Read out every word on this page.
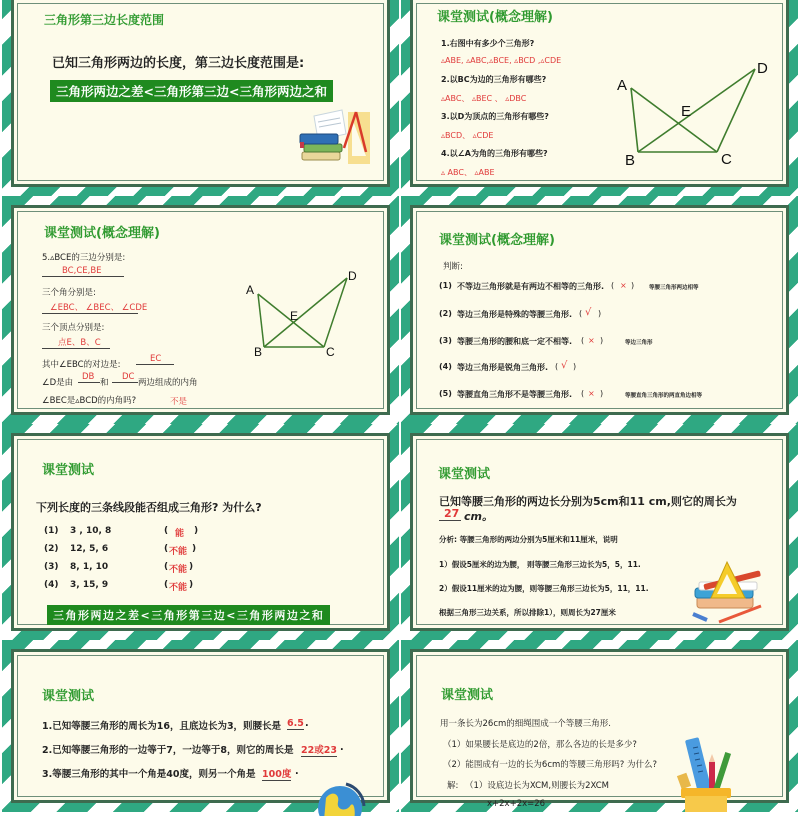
三角形第三边长度范围
已知三角形两边的长度，第三边长度范围是:
三角形两边之差<三角形第三边<三角形两边之和
课堂测试(概念理解)
1.右图中有多少个三角形?
▵ABE, ▵ABC,▵BCE, ▵BCD ,▵CDE
2.以BC为边的三角形有哪些?
▵ABC、 ▵BEC 、 ▵DBC
3.以D为顶点的三角形有哪些?
▵BCD、 ▵CDE
4.以∠A为角的三角形有哪些?
▵ ABC、 ▵ABE
A
B	C
D
E
课堂测试(概念理解)
5.▵BCE的三边分别是:
BC,CE,BE
三个角分别是:
∠EBC、 ∠BEC、 ∠CDE
三个顶点分别是:
点E、B、C
其中∠EBC的对边是:
EC
∠D是由
DB
和
DC
两边组成的内角
∠BEC是▵BCD的内角吗?	不是
A
B	C
D
E
课堂测试(概念理解)
判断:
(1) 不等边三角形就是有两边不相等的三角形. ( × )	等腰三角形两边相等
(2) 等边三角形是特殊的等腰三角形. ( √ )
(3) 等腰三角形的腰和底一定不相等. ( × )	等边三角形
(4) 等边三角形是锐角三角形. ( √ )
(5) 等腰直角三角形不是等腰三角形. ( × )	等腰直角三角形的两直角边相等
课堂测试
下列长度的三条线段能否组成三角形? 为什么?
(1) 3 , 10, 8	( 能 )
(2) 12, 5, 6	( 不能 )
(3) 8, 1, 10	( 不能 )
(4) 3, 15, 9	( 不能 )
三角形两边之差<三角形第三边<三角形两边之和
课堂测试
已知等腰三角形的两边长分别为5cm和11 cm,则它的周长为
27 cm。
分析: 等腰三角形的两边分别为5厘米和11厘米，说明
1）假设5厘米的边为腰， 则等腰三角形三边长为5，5，11.
2）假设11厘米的边为腰，则等腰三角形三边长为5，11，11.
根据三角形三边关系，所以排除1），则周长为27厘米
课堂测试
1.已知等腰三角形的周长为16，且底边长为3，则腰长是 6.5 .
2.已知等腰三角形的一边等于7，一边等于8，则它的周长是 22或23 .
3.等腰三角形的其中一个角是40度，则另一个角是 100度 .
课堂测试
用一条长为26cm的细绳围成一个等腰三角形.
（1）如果腰长是底边的2倍，那么各边的长是多少?
（2）能围成有一边的长为6cm的等腰三角形吗? 为什么?
解: （1）设底边长为XCM,则腰长为2XCM
x+2x+2x=26
